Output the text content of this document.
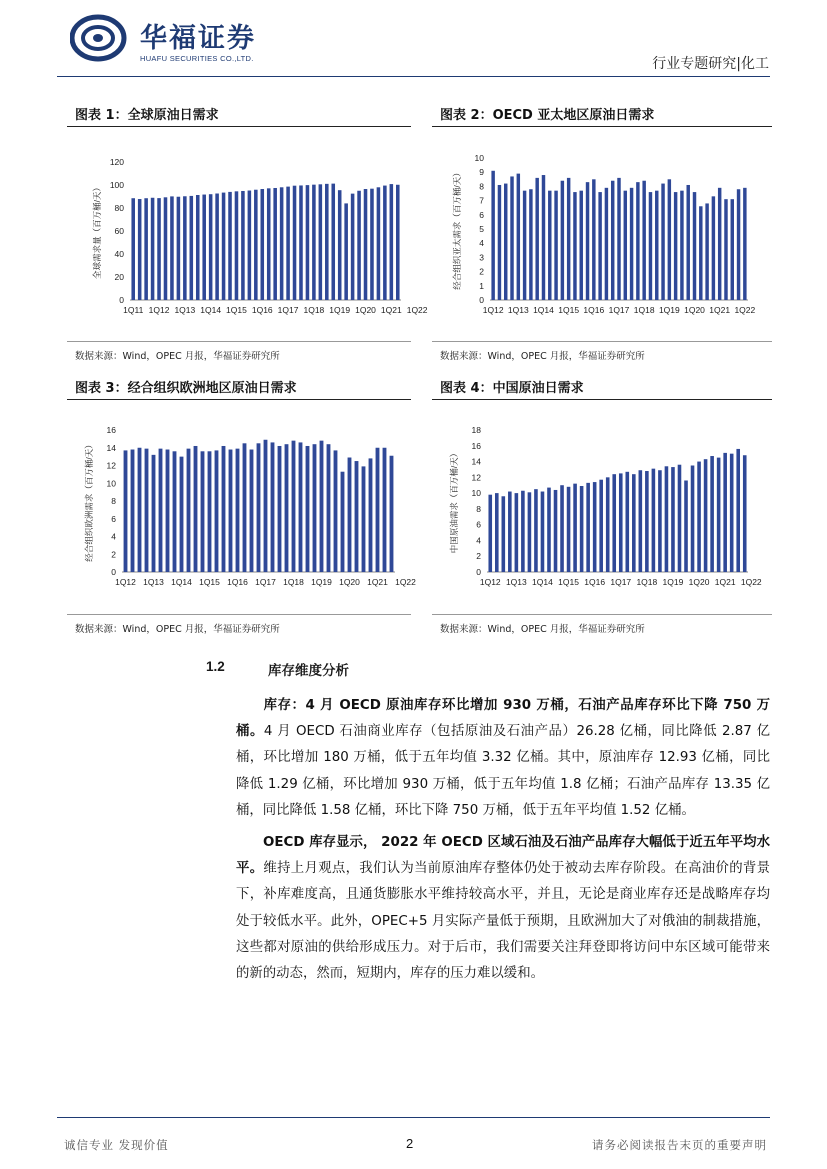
华福证券
HUAFU SECURITIES CO.,LTD.	行业专题研究|化工
图表 1：全球原油日需求
0
20
40
60
80
100
120
全球需求量（百万桶/天）
1Q11 1Q12 1Q13 1Q14 1Q15 1Q16 1Q17 1Q18 1Q19 1Q20 1Q21 1Q22
数据来源：Wind，OPEC 月报，华福证券研究所
图表 2：OECD 亚太地区原油日需求
0
1
2
3
4
5
6
7
8
9
10
经合组织亚太需求（百万桶/天）
1Q12 1Q13 1Q14 1Q15 1Q16 1Q17 1Q18 1Q19 1Q20 1Q21 1Q22
数据来源：Wind，OPEC 月报，华福证券研究所
图表 3：经合组织欧洲地区原油日需求
0
2
4
6
8
10
12
14
16
经合组织欧洲需求（百万桶/天）
1Q12 1Q13 1Q14 1Q15 1Q16 1Q17 1Q18 1Q19 1Q20 1Q21 1Q22
数据来源：Wind，OPEC 月报，华福证券研究所
图表 4：中国原油日需求
0
2
4
6
8
10
12
14
16
18
中国原油需求（百万桶/天）
1Q12 1Q13 1Q14 1Q15 1Q16 1Q17 1Q18 1Q19 1Q20 1Q21 1Q22
数据来源：Wind，OPEC 月报，华福证券研究所
1.2	库存维度分析
库存：4 月 OECD 原油库存环比增加 930 万桶，石油产品库存环比下降 750 万桶。4 月 OECD 石油商业库存（包括原油及石油产品）26.28 亿桶，同比降低 2.87 亿桶，环比增加 180 万桶，低于五年均值 3.32 亿桶。其中，原油库存 12.93 亿桶，同比降低 1.29 亿桶，环比增加 930 万桶，低于五年均值 1.8 亿桶；石油产品库存 13.35 亿桶，同比降低 1.58 亿桶，环比下降 750 万桶，低于五年平均值 1.52 亿桶。
OECD 库存显示， 2022 年 OECD 区域石油及石油产品库存大幅低于近五年平均水平。维持上月观点，我们认为当前原油库存整体仍处于被动去库存阶段。在高油价的背景下，补库难度高，且通货膨胀水平维持较高水平，并且，无论是商业库存还是战略库存均处于较低水平。此外，OPEC+5 月实际产量低于预期，且欧洲加大了对俄油的制裁措施，这些都对原油的供给形成压力。对于后市，我们需要关注拜登即将访问中东区域可能带来的新的动态，然而，短期内，库存的压力难以缓和。
诚信专业 发现价值	2	请务必阅读报告末页的重要声明
